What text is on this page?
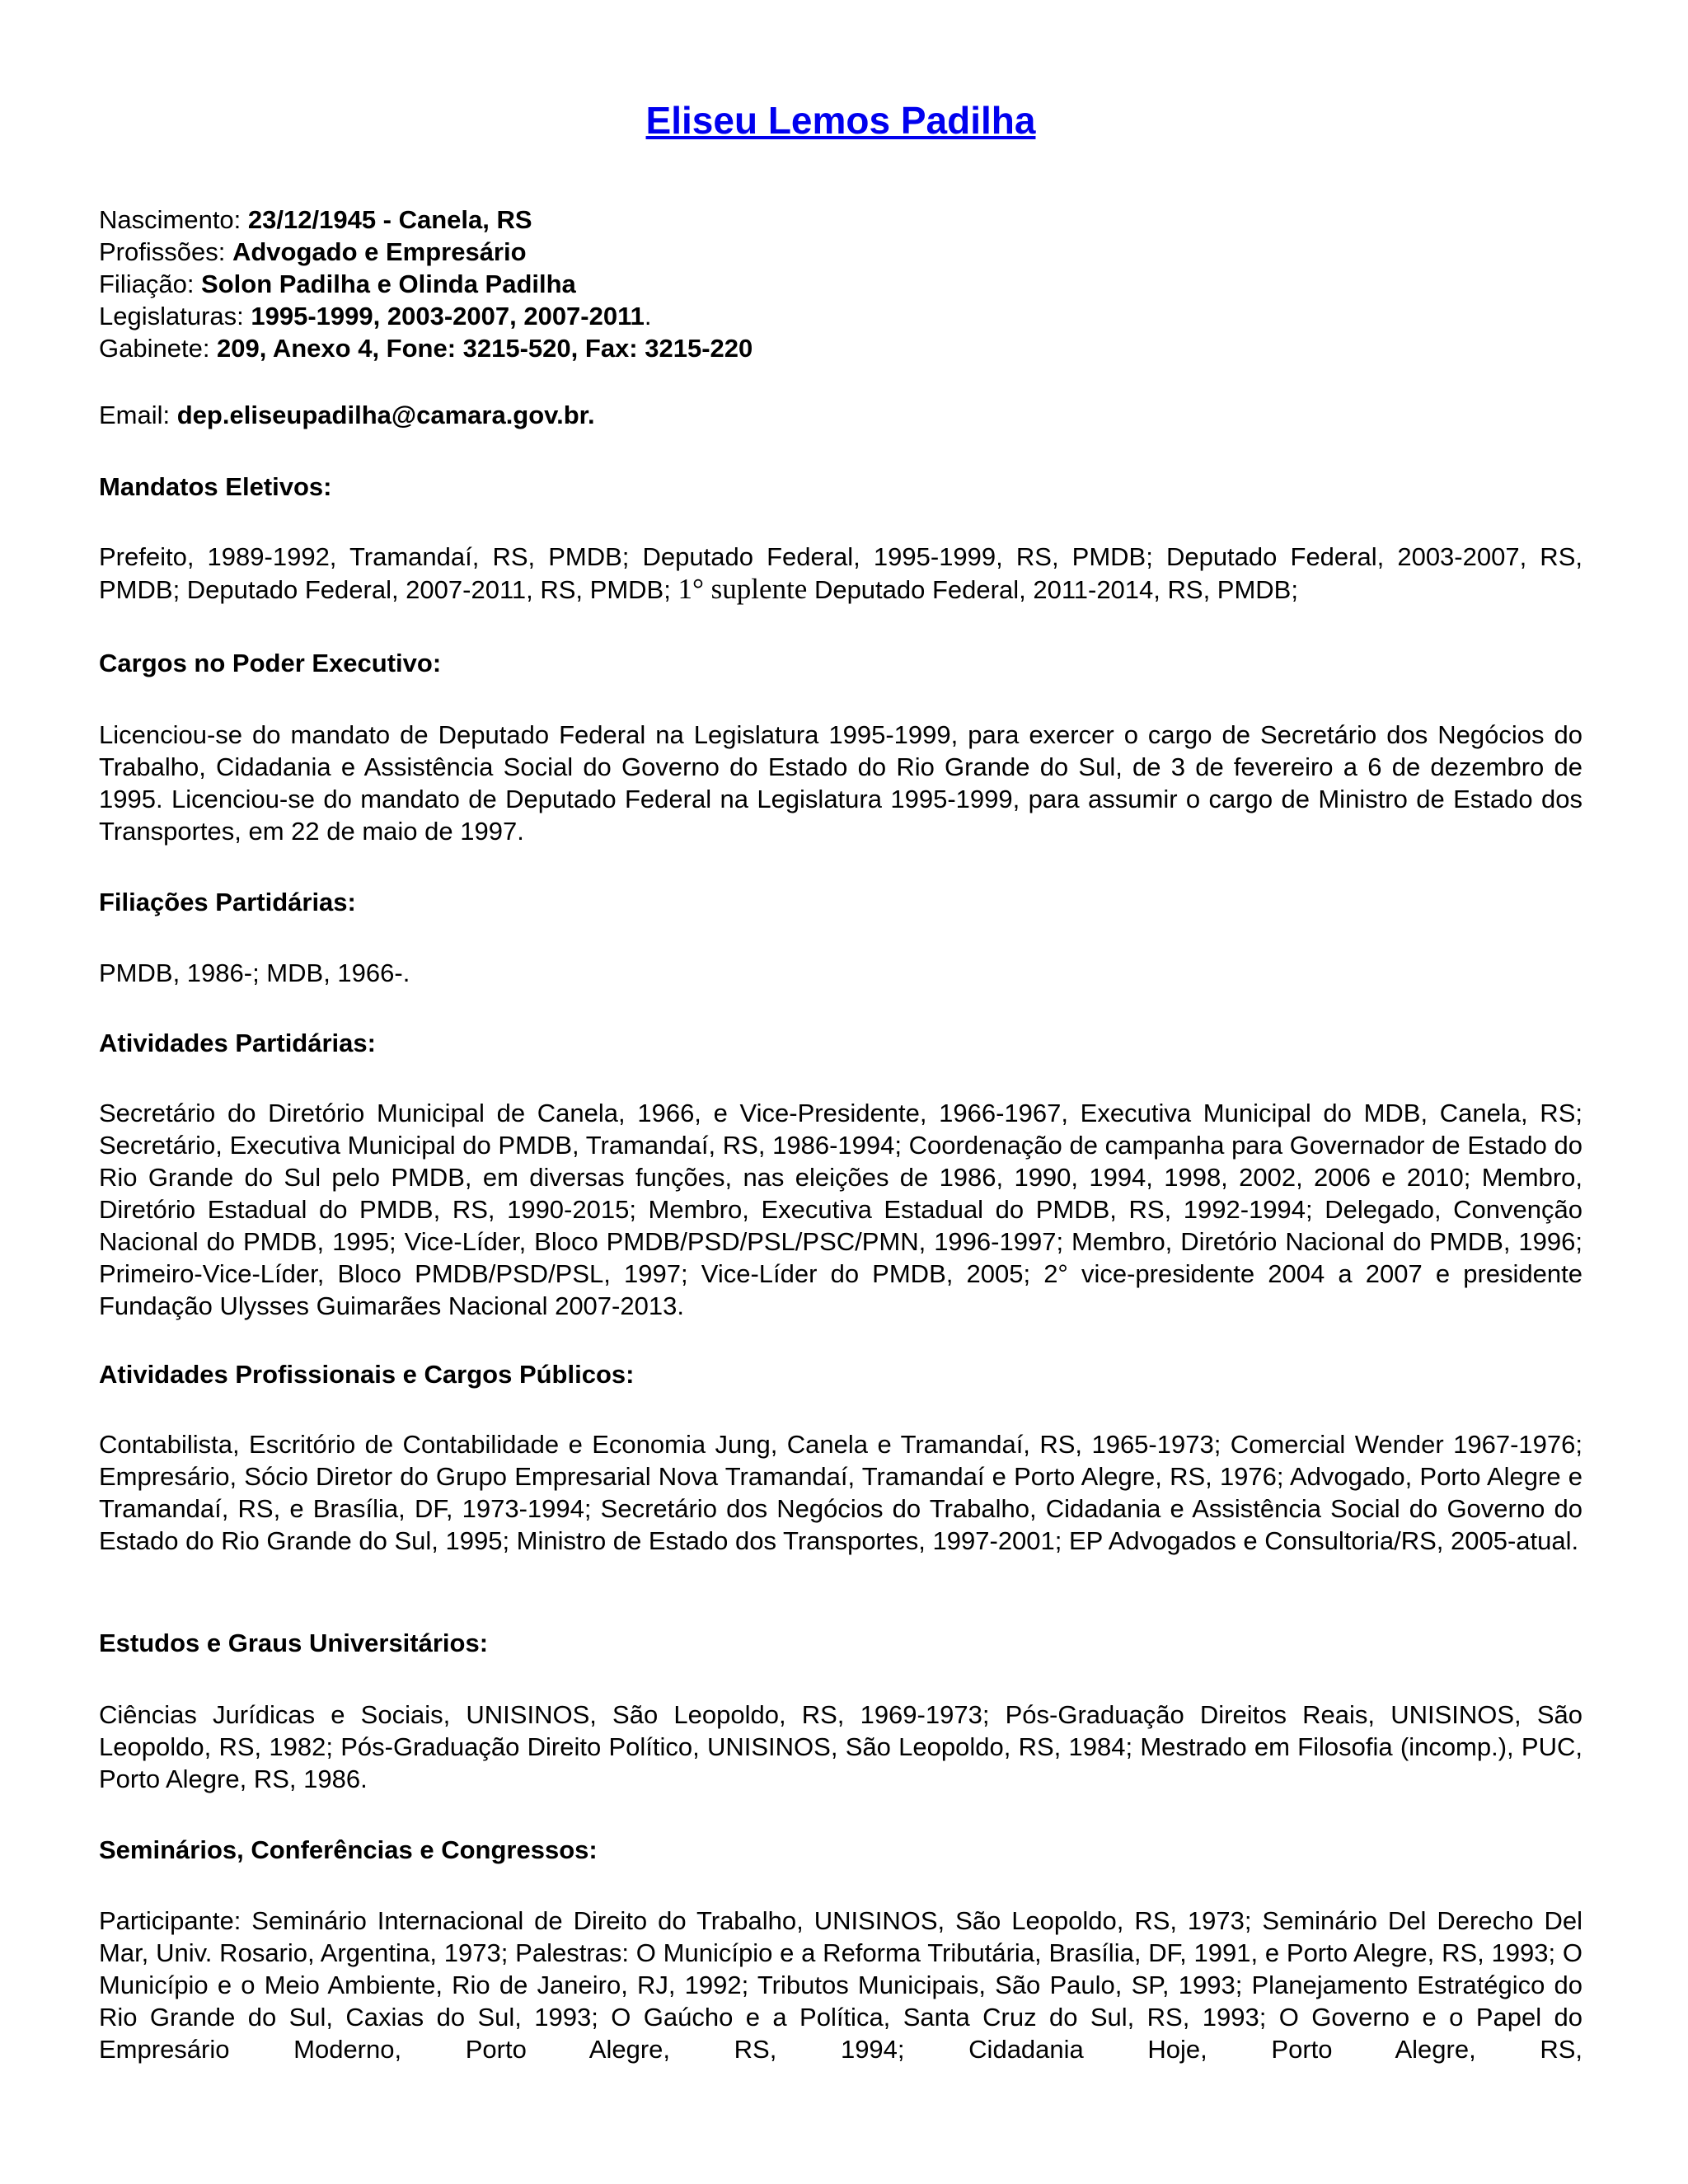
Eliseu Lemos Padilha

Nascimento: 23/12/1945 - Canela, RS

Profissões: Advogado e Empresário

Filiação: Solon Padilha e Olinda Padilha

Legislaturas: 1995-1999, 2003-2007, 2007-2011.

Gabinete: 209, Anexo 4, Fone: 3215-520, Fax: 3215-220

Email: dep.eliseupadilha@camara.gov.br.

Mandatos Eletivos:

Prefeito, 1989-1992, Tramandaí, RS, PMDB; Deputado Federal, 1995-1999, RS, PMDB; Deputado Federal, 2003-2007, RS, PMDB; Deputado Federal, 2007-2011, RS, PMDB; 1° suplente Deputado Federal, 2011-2014, RS, PMDB;

Cargos no Poder Executivo:

Licenciou-se do mandato de Deputado Federal na Legislatura 1995-1999, para exercer o cargo de Secretário dos Negócios do Trabalho, Cidadania e Assistência Social do Governo do Estado do Rio Grande do Sul, de 3 de fevereiro a 6 de dezembro de 1995. Licenciou-se do mandato de Deputado Federal na Legislatura 1995-1999, para assumir o cargo de Ministro de Estado dos Transportes, em 22 de maio de 1997.

Filiações Partidárias:

PMDB, 1986-; MDB, 1966-.

Atividades Partidárias:

Secretário do Diretório Municipal de Canela, 1966, e Vice-Presidente, 1966-1967, Executiva Municipal do MDB, Canela, RS; Secretário, Executiva Municipal do PMDB, Tramandaí, RS, 1986-1994; Coordenação de campanha para Governador de Estado do Rio Grande do Sul pelo PMDB, em diversas funções, nas eleições de 1986, 1990, 1994, 1998, 2002, 2006 e 2010; Membro, Diretório Estadual do PMDB, RS, 1990-2015; Membro, Executiva Estadual do PMDB, RS, 1992-1994; Delegado, Convenção Nacional do PMDB, 1995; Vice-Líder, Bloco PMDB/PSD/PSL/PSC/PMN, 1996-1997; Membro, Diretório Nacional do PMDB, 1996; Primeiro-Vice-Líder, Bloco PMDB/PSD/PSL, 1997; Vice-Líder do PMDB, 2005; 2° vice-presidente 2004 a 2007 e presidente Fundação Ulysses Guimarães Nacional 2007-2013.

Atividades Profissionais e Cargos Públicos:

Contabilista, Escritório de Contabilidade e Economia Jung, Canela e Tramandaí, RS, 1965-1973; Comercial Wender 1967-1976; Empresário, Sócio Diretor do Grupo Empresarial Nova Tramandaí, Tramandaí e Porto Alegre, RS, 1976; Advogado, Porto Alegre e Tramandaí, RS, e Brasília, DF, 1973-1994; Secretário dos Negócios do Trabalho, Cidadania e Assistência Social do Governo do Estado do Rio Grande do Sul, 1995; Ministro de Estado dos Transportes, 1997-2001; EP Advogados e Consultoria/RS, 2005-atual.

Estudos e Graus Universitários:

Ciências Jurídicas e Sociais, UNISINOS, São Leopoldo, RS, 1969-1973; Pós-Graduação Direitos Reais, UNISINOS, São Leopoldo, RS, 1982; Pós-Graduação Direito Político, UNISINOS, São Leopoldo, RS, 1984; Mestrado em Filosofia (incomp.), PUC, Porto Alegre, RS, 1986.

Seminários, Conferências e Congressos:

Participante: Seminário Internacional de Direito do Trabalho, UNISINOS, São Leopoldo, RS, 1973; Seminário Del Derecho Del Mar, Univ. Rosario, Argentina, 1973; Palestras: O Município e a Reforma Tributária, Brasília, DF, 1991, e Porto Alegre, RS, 1993; O Município e o Meio Ambiente, Rio de Janeiro, RJ, 1992; Tributos Municipais, São Paulo, SP, 1993; Planejamento Estratégico do Rio Grande do Sul, Caxias do Sul, 1993; O Gaúcho e a Política, Santa Cruz do Sul, RS, 1993; O Governo e o Papel do Empresário Moderno, Porto Alegre, RS, 1994; Cidadania Hoje, Porto Alegre, RS,
